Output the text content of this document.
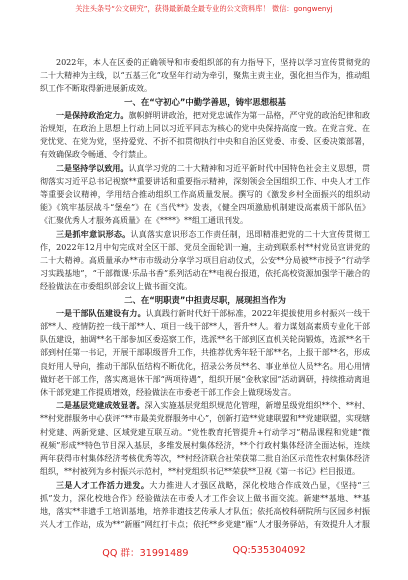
关注头条号“公文研究”，获得最新最全最专业的公文资料库！ 微信：gongwenyj

2022年，本人在区委的正确领导和市委组织部的有力指导下，坚持以学习宣传贯彻党的二十大精神为主线，以“五基三化”攻坚年行动为牵引，聚焦主责主业，强化担当作为，推动组织工作不断取得新进展新成效。

一、在“守初心”中勤学善思，铸牢思想根基

一是保持政治定力。旗帜鲜明讲政治，把对党忠诚作为第一品格，严守党的政治纪律和政治规矩，在政治上思想上行动上同以习近平同志为核心的党中央保持高度一致。在党言党、在党忧党、在党为党，坚持爱党、不折不扣贯彻执行中央和自治区党委、市委、区委决策部署，有效确保政令畅通、令行禁止。

二是坚持学以致用。认真学习党的二十大精神和习近平新时代中国特色社会主义思想，贯彻落实习近平总书记视察**重要讲话和重要指示精神，深刻领会全国组织工作、中央人才工作等重要会议精神，学用结合推动组织工作高质量发展。撰写的《激发乡村全面振兴的组织动能》《筑牢基层战斗“堡垒”》在《当代**》发表，《健全四项激励机制建设高素质干部队伍》《汇聚优秀人才服务高质量》在《****》**组工通讯刊发。

三是抓牢意识形态。认真落实意识形态工作责任制，迅即精准把党的二十大宣传贯彻工作，2022年12月中旬完成对全区干部、党员全面轮训一遍，主动到联系村**村党员宣讲党的二十大精神。高质量承办**市市级动分享学习项目启动仪式，公安**分局被**市授予“行动学习实践基地”，“干部微课·乐品书香”系列活动在**电视台报道，依托高校资源加强学干融合的经验做法在市委组织部会议上做书面交流。

二、在“明职责”中担责尽职，展现担当作为

一是干部队伍建设有力。认真践行新时代好干部标准，2022年提拔使用乡村振兴一线干部**人、疫情防控一线干部**人、项目一线干部**人，晋升**人。着力谋划高素质专业化干部队伍建设，抽调**名干部参加区委巡察工作，选派**名干部到区直机关轮岗锻炼，选派**名干部到村任第一书记，开展干部职级晋升工作，共推荐优秀年轻干部**名，上报干部**名，形成良好用人导向，推动干部队伍结构不断优化，招录公务员**名、事业单位人员**名。用心用情做好老干部工作，落实离退休干部“两项待遇”，组织开展“金秋家园”活动调研，持续推动离退休干部党建工作提质增效，经验做法在市委老干部工作会上做现场发言。

二是基层党建成效显著。深入实施基层党组织规范化管理，新增星级党组织**个、**村、**村党群服务中心获评“**市最美党群服务中心”，创新打造**党建联盟和**党建联盟，实现辖村党建、两新党建、区域党建互联互动。“党性教育托管提升+行动学习”精品课程和党建“微视频”形成**特色节目深入基层，多维发展村集体经济，**个行政村集体经济全面达标，连续两年获得市村集体经济考核优秀等次，**村经济联合社荣获第二批自治区示范性农村集体经济组织，**村被列为乡村振兴示范村，**村党组织书记**荣获**卫视《第一书记》栏目报道。

三是人才工作活力进发。大力推进人才强区战略，深化校地合作成效凸显，《坚持“三抓”发力，深化校地合作》经验做法在市委人才工作会议上做书面交流。新建**基地、**基地，落实**非遗手工培训基地，培养非遗技艺传承人才队伍；依托高校科研院所与区园乡村振兴人才工作站，成为**“新雁”网红打卡点；依托**乡党建“雁”人才服务驿站，有效提升人才服

QQ 群：31991489	QQ:535304092
